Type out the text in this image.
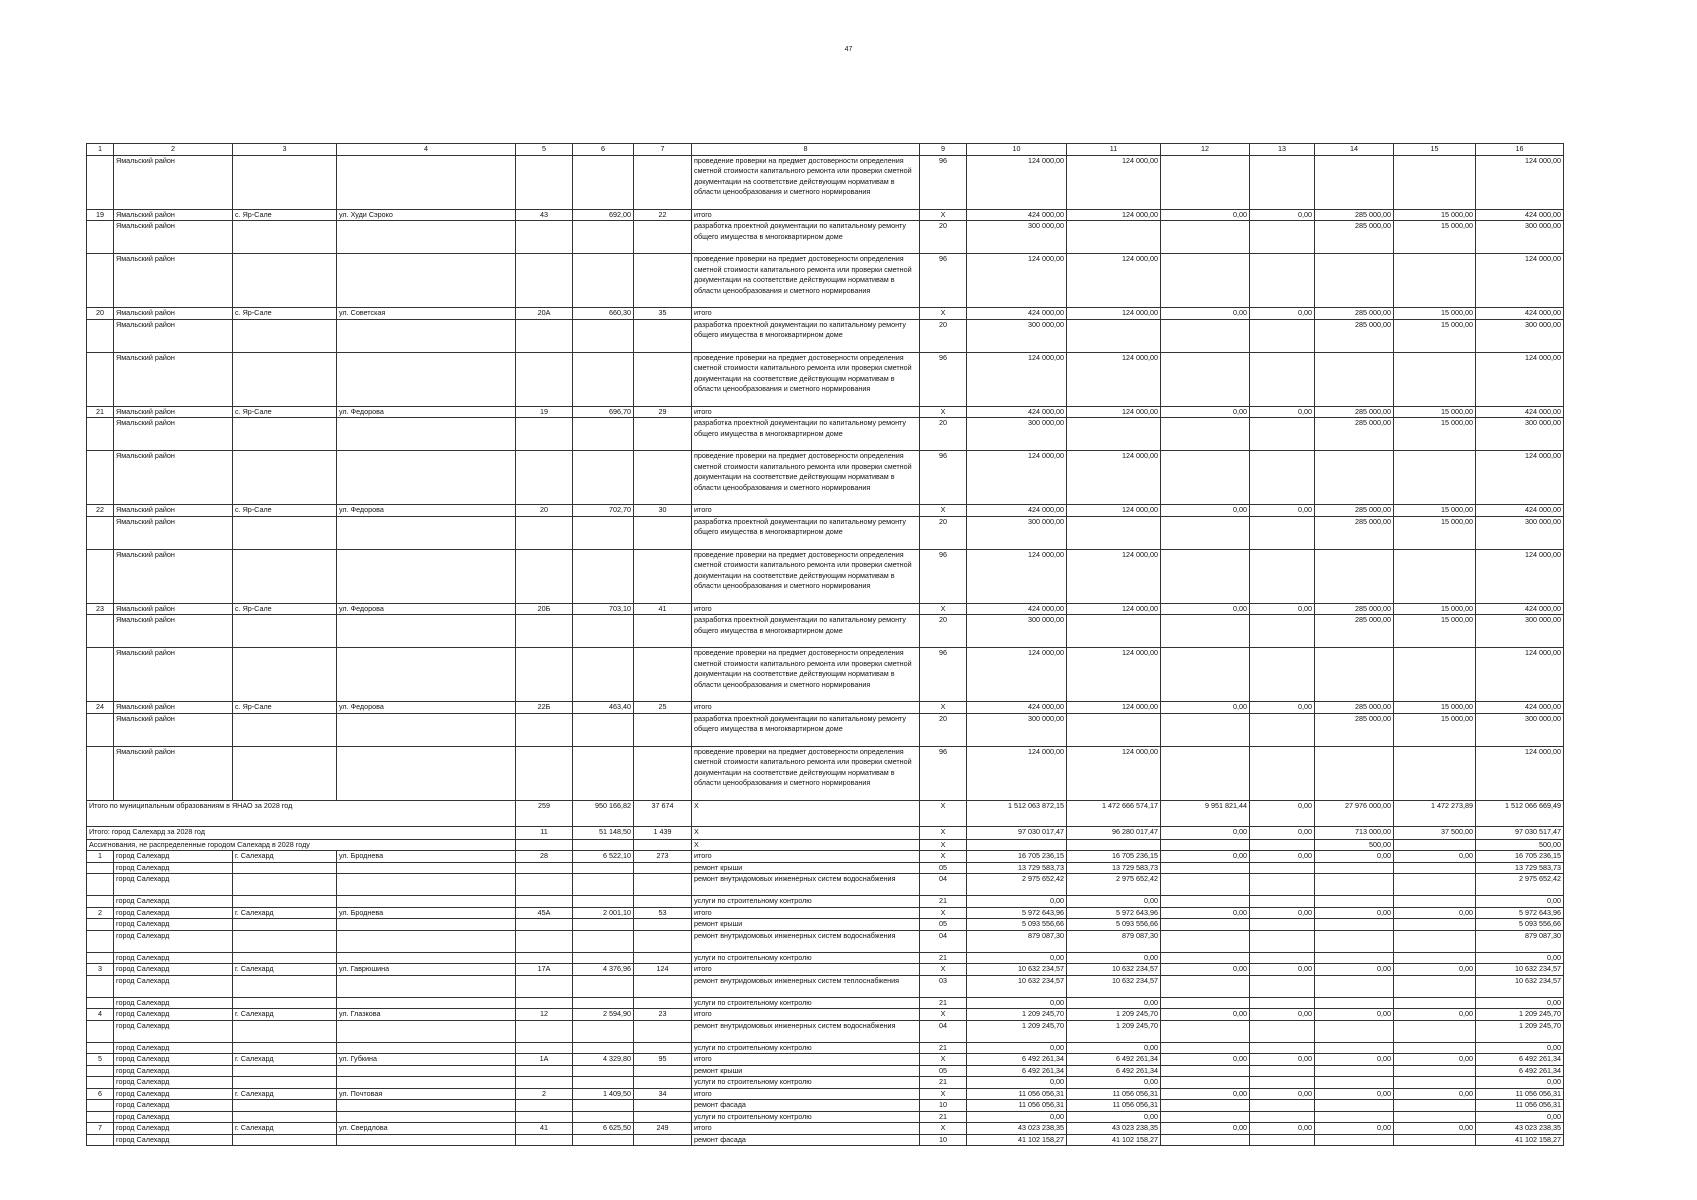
47
1	2	3	4	5	6	7	8	9	10	11	12	13	14	15	16
	Ямальский район						проведение проверки на предмет достоверности определения сметной стоимости капитального ремонта или проверки сметной документации на соответствие действующим нормативам в области ценообразования и сметного нормирования	96	124 000,00	124 000,00					124 000,00
19	Ямальский район	с. Яр-Сале	ул. Худи Сэроко	43	692,00	22	итого	Х	424 000,00	124 000,00	0,00	0,00	285 000,00	15 000,00	424 000,00
	Ямальский район						разработка проектной документации по капитальному ремонту общего имущества в многоквартирном доме	20	300 000,00				285 000,00	15 000,00	300 000,00
	Ямальский район						проведение проверки на предмет достоверности определения сметной стоимости капитального ремонта или проверки сметной документации на соответствие действующим нормативам в области ценообразования и сметного нормирования	96	124 000,00	124 000,00					124 000,00
20	Ямальский район	с. Яр-Сале	ул. Советская	20А	660,30	35	итого	Х	424 000,00	124 000,00	0,00	0,00	285 000,00	15 000,00	424 000,00
	Ямальский район						разработка проектной документации по капитальному ремонту общего имущества в многоквартирном доме	20	300 000,00				285 000,00	15 000,00	300 000,00
	Ямальский район						проведение проверки на предмет достоверности определения сметной стоимости капитального ремонта или проверки сметной документации на соответствие действующим нормативам в области ценообразования и сметного нормирования	96	124 000,00	124 000,00					124 000,00
21	Ямальский район	с. Яр-Сале	ул. Федорова	19	696,70	29	итого	Х	424 000,00	124 000,00	0,00	0,00	285 000,00	15 000,00	424 000,00
	Ямальский район						разработка проектной документации по капитальному ремонту общего имущества в многоквартирном доме	20	300 000,00				285 000,00	15 000,00	300 000,00
	Ямальский район						проведение проверки на предмет достоверности определения сметной стоимости капитального ремонта или проверки сметной документации на соответствие действующим нормативам в области ценообразования и сметного нормирования	96	124 000,00	124 000,00					124 000,00
22	Ямальский район	с. Яр-Сале	ул. Федорова	20	702,70	30	итого	Х	424 000,00	124 000,00	0,00	0,00	285 000,00	15 000,00	424 000,00
	Ямальский район						разработка проектной документации по капитальному ремонту общего имущества в многоквартирном доме	20	300 000,00				285 000,00	15 000,00	300 000,00
	Ямальский район						проведение проверки на предмет достоверности определения сметной стоимости капитального ремонта или проверки сметной документации на соответствие действующим нормативам в области ценообразования и сметного нормирования	96	124 000,00	124 000,00					124 000,00
23	Ямальский район	с. Яр-Сале	ул. Федорова	20Б	703,10	41	итого	Х	424 000,00	124 000,00	0,00	0,00	285 000,00	15 000,00	424 000,00
	Ямальский район						разработка проектной документации по капитальному ремонту общего имущества в многоквартирном доме	20	300 000,00				285 000,00	15 000,00	300 000,00
	Ямальский район						проведение проверки на предмет достоверности определения сметной стоимости капитального ремонта или проверки сметной документации на соответствие действующим нормативам в области ценообразования и сметного нормирования	96	124 000,00	124 000,00					124 000,00
24	Ямальский район	с. Яр-Сале	ул. Федорова	22Б	463,40	25	итого	Х	424 000,00	124 000,00	0,00	0,00	285 000,00	15 000,00	424 000,00
	Ямальский район						разработка проектной документации по капитальному ремонту общего имущества в многоквартирном доме	20	300 000,00				285 000,00	15 000,00	300 000,00
	Ямальский район						проведение проверки на предмет достоверности определения сметной стоимости капитального ремонта или проверки сметной документации на соответствие действующим нормативам в области ценообразования и сметного нормирования	96	124 000,00	124 000,00					124 000,00
Итого по муниципальным образованиям в ЯНАО за 2028 год				259	950 166,82	37 674	Х	Х	1 512 063 872,15	1 472 666 574,17	9 951 821,44	0,00	27 976 000,00	1 472 273,89	1 512 066 669,49
Итого: город Салехард за 2028 год				11	51 148,50	1 439	Х	Х	97 030 017,47	96 280 017,47	0,00	0,00	713 000,00	37 500,00	97 030 517,47
Ассигнования, не распределенные городом Салехард в 2028 году							Х	Х					500,00		500,00
1	город Салехард	г. Салехард	ул. Броднева	28	6 522,10	273	итого	Х	16 705 236,15	16 705 236,15	0,00	0,00	0,00	0,00	16 705 236,15
	город Салехард						ремонт крыши	05	13 729 583,73	13 729 583,73					13 729 583,73
	город Салехард						ремонт внутридомовых инженерных систем водоснабжения	04	2 975 652,42	2 975 652,42					2 975 652,42
	город Салехард						услуги по строительному контролю	21	0,00	0,00					0,00
2	город Салехард	г. Салехард	ул. Броднева	45А	2 001,10	53	итого	Х	5 972 643,96	5 972 643,96	0,00	0,00	0,00	0,00	5 972 643,96
	город Салехард						ремонт крыши	05	5 093 556,66	5 093 556,66					5 093 556,66
	город Салехард						ремонт внутридомовых инженерных систем водоснабжения	04	879 087,30	879 087,30					879 087,30
	город Салехард						услуги по строительному контролю	21	0,00	0,00					0,00
3	город Салехард	г. Салехард	ул. Гаврюшина	17А	4 376,96	124	итого	Х	10 632 234,57	10 632 234,57	0,00	0,00	0,00	0,00	10 632 234,57
	город Салехард						ремонт внутридомовых инженерных систем теплоснабжения	03	10 632 234,57	10 632 234,57					10 632 234,57
	город Салехард						услуги по строительному контролю	21	0,00	0,00					0,00
4	город Салехард	г. Салехард	ул. Глазкова	12	2 594,90	23	итого	Х	1 209 245,70	1 209 245,70	0,00	0,00	0,00	0,00	1 209 245,70
	город Салехард						ремонт внутридомовых инженерных систем водоснабжения	04	1 209 245,70	1 209 245,70					1 209 245,70
	город Салехард						услуги по строительному контролю	21	0,00	0,00					0,00
5	город Салехард	г. Салехард	ул. Губкина	1А	4 329,80	95	итого	Х	6 492 261,34	6 492 261,34	0,00	0,00	0,00	0,00	6 492 261,34
	город Салехард						ремонт крыши	05	6 492 261,34	6 492 261,34					6 492 261,34
	город Салехард						услуги по строительному контролю	21	0,00	0,00					0,00
6	город Салехард	г. Салехард	ул. Почтовая	2	1 409,50	34	итого	Х	11 056 056,31	11 056 056,31	0,00	0,00	0,00	0,00	11 056 056,31
	город Салехард						ремонт фасада	10	11 056 056,31	11 056 056,31					11 056 056,31
	город Салехард						услуги по строительному контролю	21	0,00	0,00					0,00
7	город Салехард	г. Салехард	ул. Свердлова	41	6 625,50	249	итого	Х	43 023 238,35	43 023 238,35	0,00	0,00	0,00	0,00	43 023 238,35
	город Салехард						ремонт фасада	10	41 102 158,27	41 102 158,27					41 102 158,27
